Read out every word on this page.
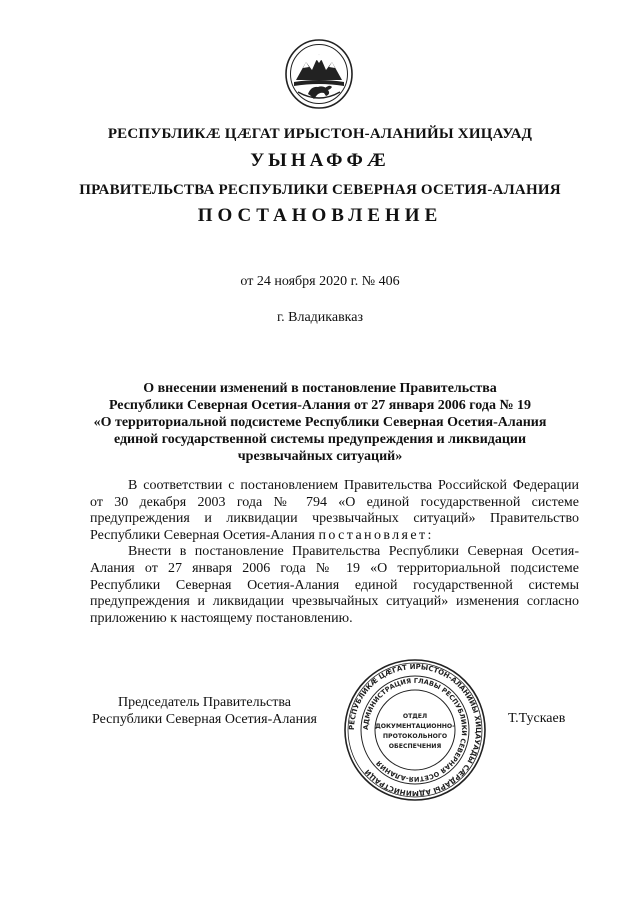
РЕСПУБЛИКӔ ЦӔГАТ ИРЫСТОН-АЛАНИЙЫ ХИЦАУАД
УЫНАФФӔ
ПРАВИТЕЛЬСТВА РЕСПУБЛИКИ СЕВЕРНАЯ ОСЕТИЯ-АЛАНИЯ
ПОСТАНОВЛЕНИЕ
от 24 ноября 2020 г. № 406
г. Владикавказ
О внесении изменений в постановление Правительства
Республики Северная Осетия-Алания от 27 января 2006 года № 19
«О территориальной подсистеме Республики Северная Осетия-Алания
единой государственной системы предупреждения и ликвидации
чрезвычайных ситуаций»

В соответствии с постановлением Правительства Российской Федерации от 30 декабря 2003 года № 794 «О единой государственной системе предупреждения и ликвидации чрезвычайных ситуаций» Правительство Республики Северная Осетия-Алания постановляет:

Внести в постановление Правительства Республики Северная Осетия-Алания от 27 января 2006 года № 19 «О территориальной подсистеме Республики Северная Осетия-Алания единой государственной системы предупреждения и ликвидации чрезвычайных ситуаций» изменения согласно приложению к настоящему постановлению.

Председатель Правительства
Республики Северная Осетия-Алания
РЕСПУБЛИКÆ ЦÆГАТ ИРЫСТОН-АЛАНИЙЫ ХИЦАУАДЫ СÆРДАРЫ АДМИНИСТРАЦИ
АДМИНИСТРАЦИЯ ГЛАВЫ РЕСПУБЛИКИ СЕВЕРНАЯ ОСЕТИЯ-АЛАНИЯ
ОТДЕЛ
ДОКУМЕНТАЦИОННО-
ПРОТОКОЛЬНОГО
ОБЕСПЕЧЕНИЯ
Т.Тускаев
